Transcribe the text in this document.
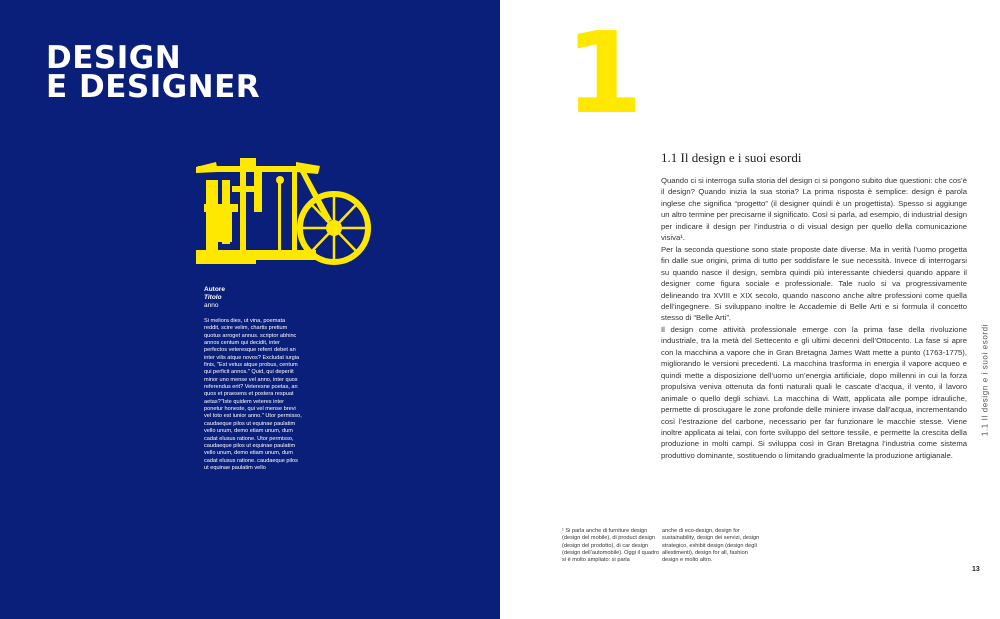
DESIGN
E DESIGNER
Autore
Titolo
anno

Si meliora dies, ut vina, poemata reddit, scire velim, chartis pretium quotus arroget annus. scriptor abhinc annos centum qui decidit, inter perfectos veteresque referri debet an inter vilis atque novos? Excludat iurgia finis, "Est vetus atque probus, centum qui perficit annos." Quid, qui deperiit minor uno mense vel anno, inter quos referendus erit? Veteresne poetas, an quos et praesens et postera respuat aetas?"Iste quidem veteres inter ponetur honeste, qui vel mense brevi vel toto est iunior anno." Utor permisso, caudaeque pilos ut equinae paulatim vello unum, demo etiam unum, dum cadat elusus ratione. Utor permisso, caudaeque pilos ut equinae paulatim vello unum, demo etiam unum, dum cadat elusus ratione. caudaeque pilos ut equinae paulatim vello

1
1.1 Il design e i suoi esordi

Quando ci si interroga sulla storia del design ci si pongono subito due questioni: che cos’è il design? Quando inizia la sua storia? La prima risposta è semplice: design è parola inglese che significa “progetto” (il designer quindi è un progettista). Spesso si aggiunge un altro termine per precisarne il significato. Così si parla, ad esempio, di industrial design per indicare il design per l’industria o di visual design per quello della comunicazione visiva¹.

Per la seconda questione sono state proposte date diverse. Ma in verità l’uomo progetta fin dalle sue origini, prima di tutto per soddisfare le sue necessità. Invece di interrogarsi su quando nasce il design, sembra quindi più interessante chiedersi quando appare il designer come figura sociale e professionale. Tale ruolo si va progressivamente delineando tra XVIII e XIX secolo, quando nascono anche altre professioni come quella dell’ingegnere. Si sviluppano inoltre le Accademie di Belle Arti e si formula il concetto stesso di “Belle Arti”.

Il design come attività professionale emerge con la prima fase della rivoluzione industriale, tra la metà del Settecento e gli ultimi decenni dell’Ottocento. La fase si apre con la macchina a vapore che in Gran Bretagna James Watt mette a punto (1763-1775), migliorando le versioni precedenti. La macchina trasforma in energia il vapore acqueo e quindi mette a disposizione dell’uomo un’energia artificiale, dopo millenni in cui la forza propulsiva veniva ottenuta da fonti naturali quali le cascate d’acqua, il vento, il lavoro animale o quello degli schiavi. La macchina di Watt, applicata alle pompe idrauliche, permette di prosciugare le zone profonde delle miniere invase dall’acqua, incrementando così l’estrazione del carbone, necessario per far funzionare le macchie stesse. Viene inoltre applicata ai telai, con forte sviluppo del settore tessile, e permette la crescita della produzione in molti campi. Si sviluppa così in Gran Bretagna l’industria come sistema produttivo dominante, sostituendo o limitando gradualmente la produzione artigianale.

¹ Si parla anche di furniture design (design del mobile), di product design (design del prodotto), di car design (design dell’automobile). Oggi il quadro si è molto ampliato: si parla

anche di eco-design, design for sustainability, design dei servizi, design strategico, exhibit design (design degli allestimenti), design for all, fashion design e molto altro.

1.1 Il design e i suoi esordi
13
